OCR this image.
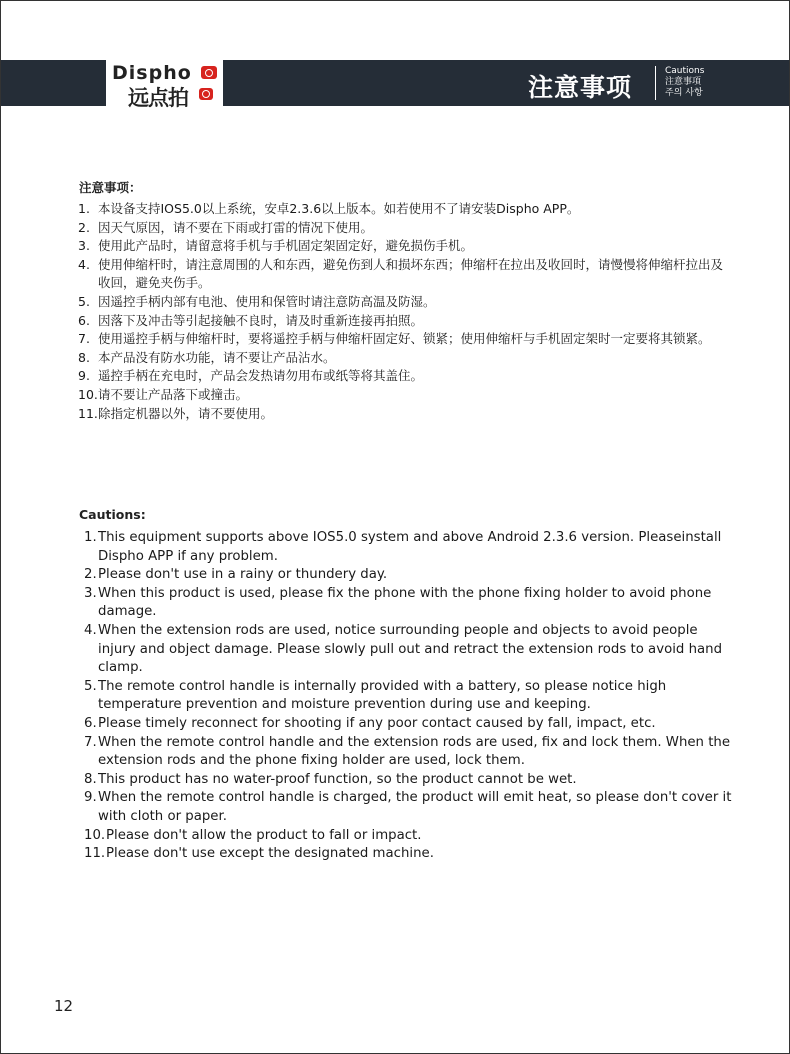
Dispho
远点拍	注意事项
Cautions
注意事項
주의 사항
注意事项：
1. 本设备支持IOS5.0以上系统，安卓2.3.6以上版本。如若使用不了请安装Dispho APP。
2. 因天气原因，请不要在下雨或打雷的情况下使用。
3. 使用此产品时，请留意将手机与手机固定架固定好，避免损伤手机。
4. 使用伸缩杆时，请注意周围的人和东西，避免伤到人和损坏东西；伸缩杆在拉出及收回时，请慢慢将伸缩杆拉出及收回，避免夹伤手。
5. 因遥控手柄内部有电池、使用和保管时请注意防高温及防湿。
6. 因落下及冲击等引起接触不良时，请及时重新连接再拍照。
7. 使用遥控手柄与伸缩杆时，要将遥控手柄与伸缩杆固定好、锁紧；使用伸缩杆与手机固定架时一定要将其锁紧。
8. 本产品没有防水功能，请不要让产品沾水。
9. 遥控手柄在充电时，产品会发热请勿用布或纸等将其盖住。
10. 请不要让产品落下或撞击。
11. 除指定机器以外，请不要使用。
Cautions:
1. This equipment supports above IOS5.0 system and above Android 2.3.6 version. Pleaseinstall Dispho APP if any problem.
2. Please don't use in a rainy or thundery day.
3. When this product is used, please fix the phone with the phone fixing holder to avoid phone damage.
4. When the extension rods are used, notice surrounding people and objects to avoid people injury and object damage. Please slowly pull out and retract the extension rods to avoid hand clamp.
5. The remote control handle is internally provided with a battery, so please notice high temperature prevention and moisture prevention during use and keeping.
6. Please timely reconnect for shooting if any poor contact caused by fall, impact, etc.
7. When the remote control handle and the extension rods are used, fix and lock them. When the extension rods and the phone fixing holder are used, lock them.
8. This product has no water-proof function, so the product cannot be wet.
9. When the remote control handle is charged, the product will emit heat, so please don't cover it with cloth or paper.
10. Please don't allow the product to fall or impact.
11. Please don't use except the designated machine.
12
